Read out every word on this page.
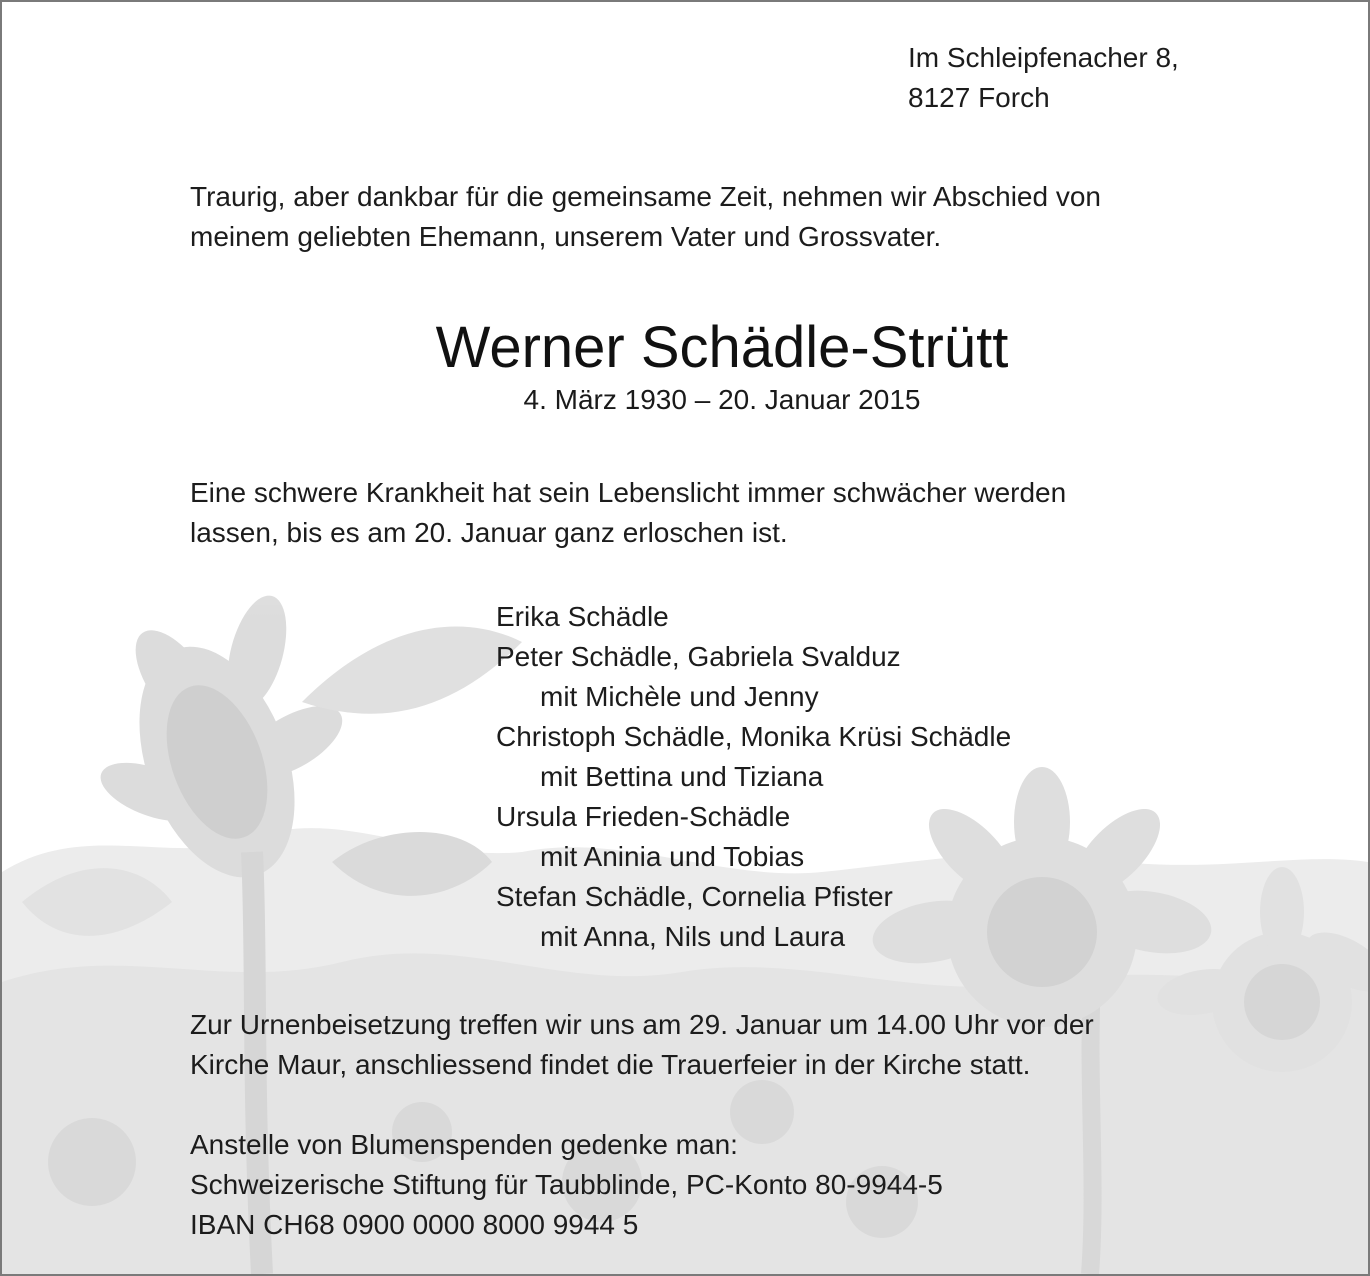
Im Schleipfenacher 8,
8127 Forch
Traurig, aber dankbar für die gemeinsame Zeit, nehmen wir Abschied von
meinem geliebten Ehemann, unserem Vater und Grossvater.
Werner Schädle-Strütt
4. März 1930 – 20. Januar 2015
Eine schwere Krankheit hat sein Lebenslicht immer schwächer werden
lassen, bis es am 20. Januar ganz erloschen ist.
Erika Schädle
Peter Schädle, Gabriela Svalduz
mit Michèle und Jenny
Christoph Schädle, Monika Krüsi Schädle
mit Bettina und Tiziana
Ursula Frieden-Schädle
mit Aninia und Tobias
Stefan Schädle, Cornelia Pfister
mit Anna, Nils und Laura
Zur Urnenbeisetzung treffen wir uns am 29. Januar um 14.00 Uhr vor der
Kirche Maur, anschliessend findet die Trauerfeier in der Kirche statt.
Anstelle von Blumenspenden gedenke man:
Schweizerische Stiftung für Taubblinde, PC-Konto 80-9944-5
IBAN CH68 0900 0000 8000 9944 5
